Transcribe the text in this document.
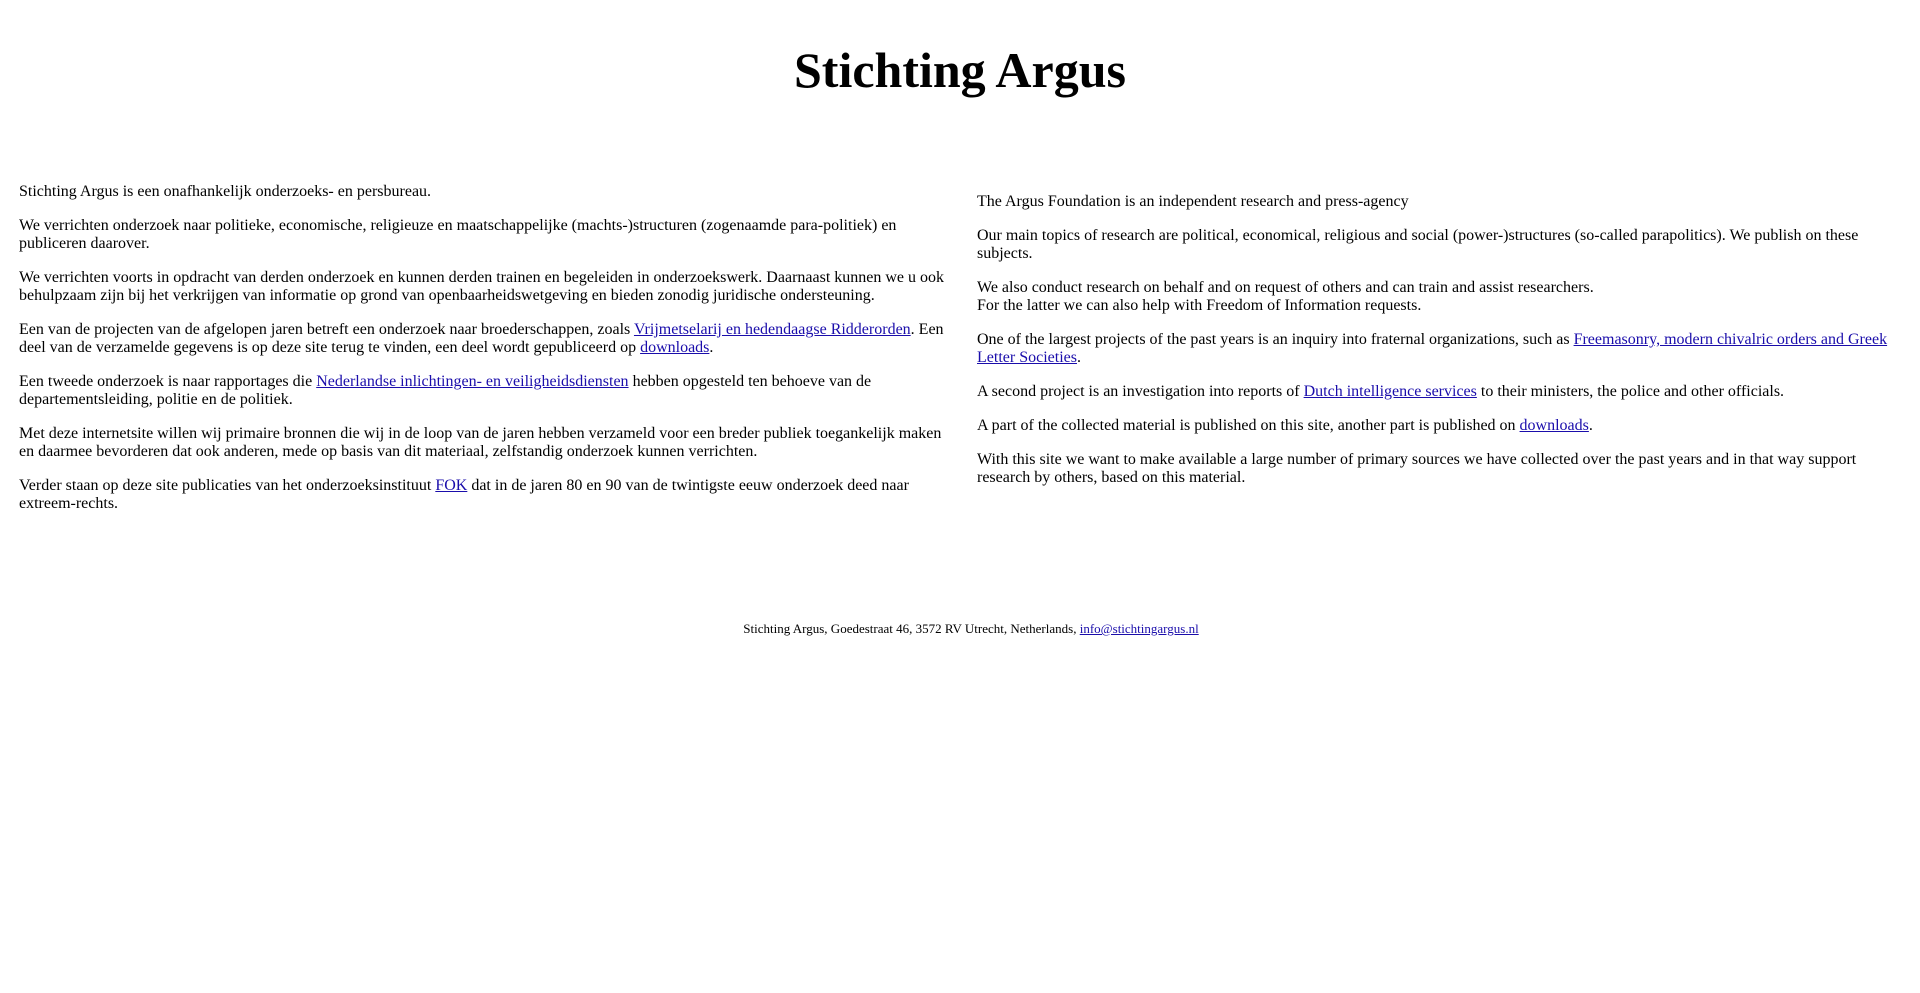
Stichting Argus

Stichting Argus is een onafhankelijk onderzoeks- en persbureau.

We verrichten onderzoek naar politieke, economische, religieuze en maatschappelijke (machts-)structuren (zogenaamde para-politiek) en publiceren daarover.

We verrichten voorts in opdracht van derden onderzoek en kunnen derden trainen en begeleiden in onderzoekswerk. Daarnaast kunnen we u ook behulpzaam zijn bij het verkrijgen van informatie op grond van openbaarheidswetgeving en bieden zonodig juridische ondersteuning.

Een van de projecten van de afgelopen jaren betreft een onderzoek naar broederschappen, zoals Vrijmetselarij en hedendaagse Ridderorden. Een deel van de verzamelde gegevens is op deze site terug te vinden, een deel wordt gepubliceerd op downloads.

Een tweede onderzoek is naar rapportages die Nederlandse inlichtingen- en veiligheidsdiensten hebben opgesteld ten behoeve van de departementsleiding, politie en de politiek.

Met deze internetsite willen wij primaire bronnen die wij in de loop van de jaren hebben verzameld voor een breder publiek toegankelijk maken en daarmee bevorderen dat ook anderen, mede op basis van dit materiaal, zelfstandig onderzoek kunnen verrichten.

Verder staan op deze site publicaties van het onderzoeksinstituut FOK dat in de jaren 80 en 90 van de twintigste eeuw onderzoek deed naar extreem-rechts.

The Argus Foundation is an independent research and press-agency

Our main topics of research are political, economical, religious and social (power-)structures (so-called parapolitics). We publish on these subjects.

We also conduct research on behalf and on request of others and can train and assist researchers.
For the latter we can also help with Freedom of Information requests.

One of the largest projects of the past years is an inquiry into fraternal organizations, such as Freemasonry, modern chivalric orders and Greek Letter Societies.

A second project is an investigation into reports of Dutch intelligence services to their ministers, the police and other officials.

A part of the collected material is published on this site, another part is published on downloads.

With this site we want to make available a large number of primary sources we have collected over the past years and in that way support research by others, based on this material.

Stichting Argus, Goedestraat 46, 3572 RV Utrecht, Netherlands, info@stichtingargus.nl
